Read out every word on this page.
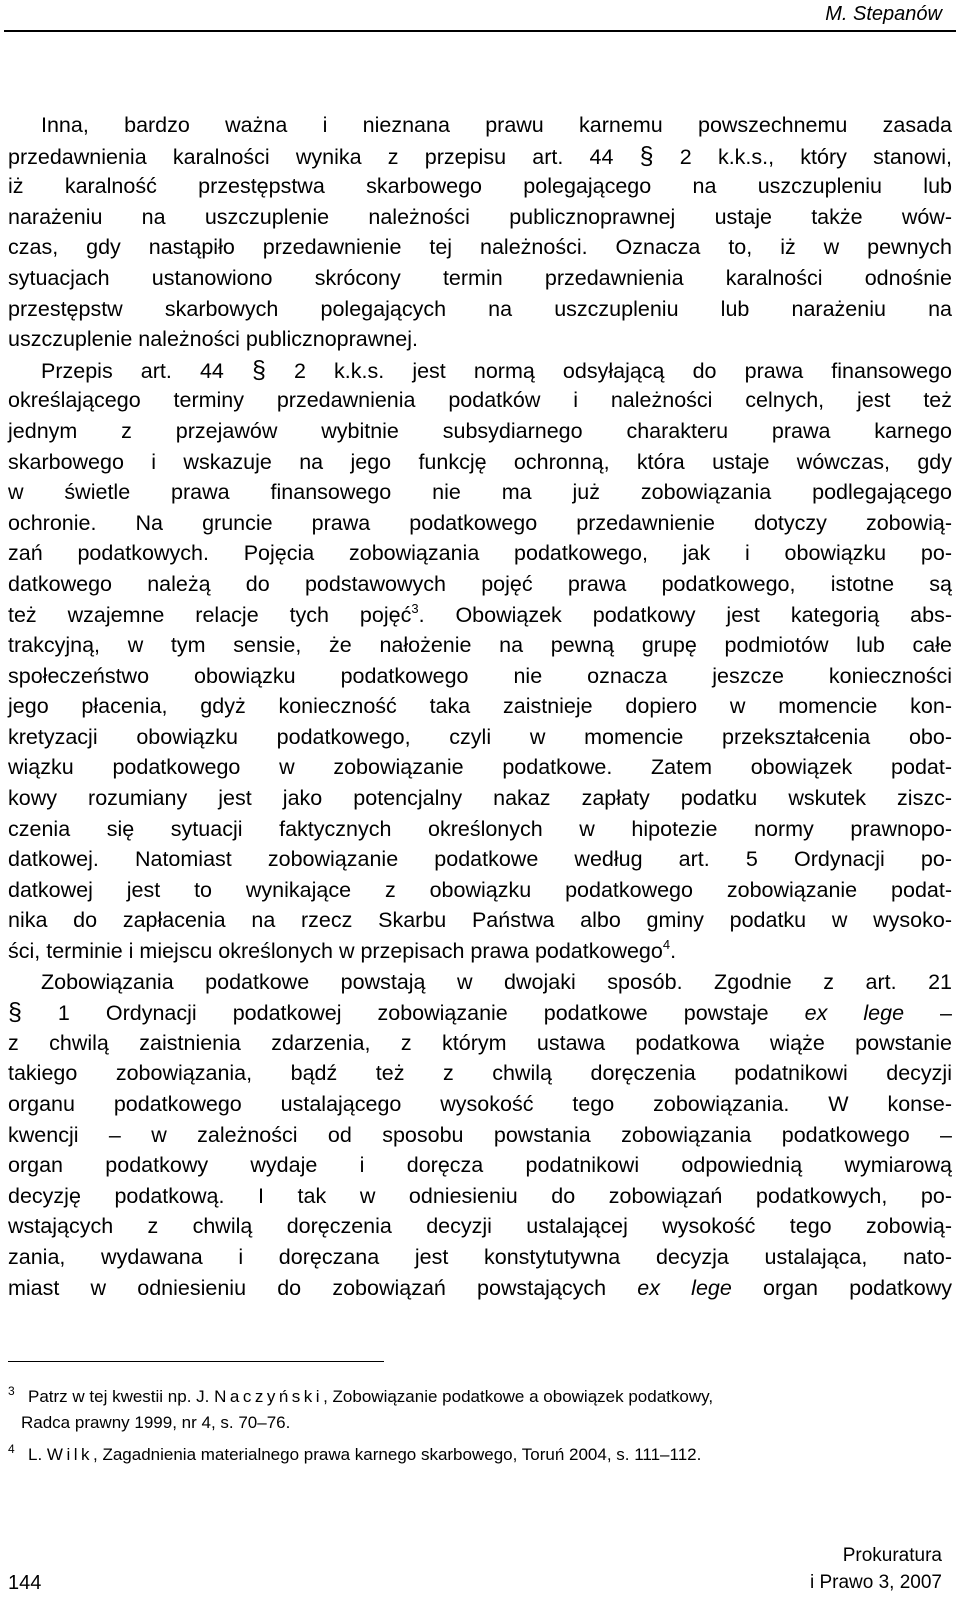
M. Stepanów
Inna, bardzo ważna i nieznana prawu karnemu powszechnemu zasada
przedawnienia karalności wynika z przepisu art. 44 § 2 k.k.s., który stanowi,
iż karalność przestępstwa skarbowego polegającego na uszczupleniu lub
narażeniu na uszczuplenie należności publicznoprawnej ustaje także wów-
czas, gdy nastąpiło przedawnienie tej należności. Oznacza to, iż w pewnych
sytuacjach ustanowiono skrócony termin przedawnienia karalności odnośnie
przestępstw skarbowych polegających na uszczupleniu lub narażeniu na
uszczuplenie należności publicznoprawnej.
Przepis art. 44 § 2 k.k.s. jest normą odsyłającą do prawa finansowego
określającego terminy przedawnienia podatków i należności celnych, jest też
jednym z przejawów wybitnie subsydiarnego charakteru prawa karnego
skarbowego i wskazuje na jego funkcję ochronną, która ustaje wówczas, gdy
w świetle prawa finansowego nie ma już zobowiązania podlegającego
ochronie. Na gruncie prawa podatkowego przedawnienie dotyczy zobowią-
zań podatkowych. Pojęcia zobowiązania podatkowego, jak i obowiązku po-
datkowego należą do podstawowych pojęć prawa podatkowego, istotne są
też wzajemne relacje tych pojęć$^3$. Obowiązek podatkowy jest kategorią abs-
trakcyjną, w tym sensie, że nałożenie na pewną grupę podmiotów lub całe
społeczeństwo obowiązku podatkowego nie oznacza jeszcze konieczności
jego płacenia, gdyż konieczność taka zaistnieje dopiero w momencie kon-
kretyzacji obowiązku podatkowego, czyli w momencie przekształcenia obo-
wiązku podatkowego w zobowiązanie podatkowe. Zatem obowiązek podat-
kowy rozumiany jest jako potencjalny nakaz zapłaty podatku wskutek ziszc-
czenia się sytuacji faktycznych określonych w hipotezie normy prawnopo-
datkowej. Natomiast zobowiązanie podatkowe według art. 5 Ordynacji po-
datkowej jest to wynikające z obowiązku podatkowego zobowiązanie podat-
nika do zapłacenia na rzecz Skarbu Państwa albo gminy podatku w wysoko-
ści, terminie i miejscu określonych w przepisach prawa podatkowego$^4$.
Zobowiązania podatkowe powstają w dwojaki sposób. Zgodnie z art. 21
§ 1 Ordynacji podatkowej zobowiązanie podatkowe powstaje ex lege –
z chwilą zaistnienia zdarzenia, z którym ustawa podatkowa wiąże powstanie
takiego zobowiązania, bądź też z chwilą doręczenia podatnikowi decyzji
organu podatkowego ustalającego wysokość tego zobowiązania. W konse-
kwencji – w zależności od sposobu powstania zobowiązania podatkowego –
organ podatkowy wydaje i doręcza podatnikowi odpowiednią wymiarową
decyzję podatkową. I tak w odniesieniu do zobowiązań podatkowych, po-
wstających z chwilą doręczenia decyzji ustalającej wysokość tego zobowią-
zania, wydawana i doręczana jest konstytutywna decyzja ustalająca, nato-
miast w odniesieniu do zobowiązań powstających ex lege organ podatkowy
3 Patrz w tej kwestii np. J. Naczyński, Zobowiązanie podatkowe a obowiązek podatkowy,
Radca prawny 1999, nr 4, s. 70–76.
4 L. Wilk, Zagadnienia materialnego prawa karnego skarbowego, Toruń 2004, s. 111–112.
144
Prokuratura
i Prawo 3, 2007
